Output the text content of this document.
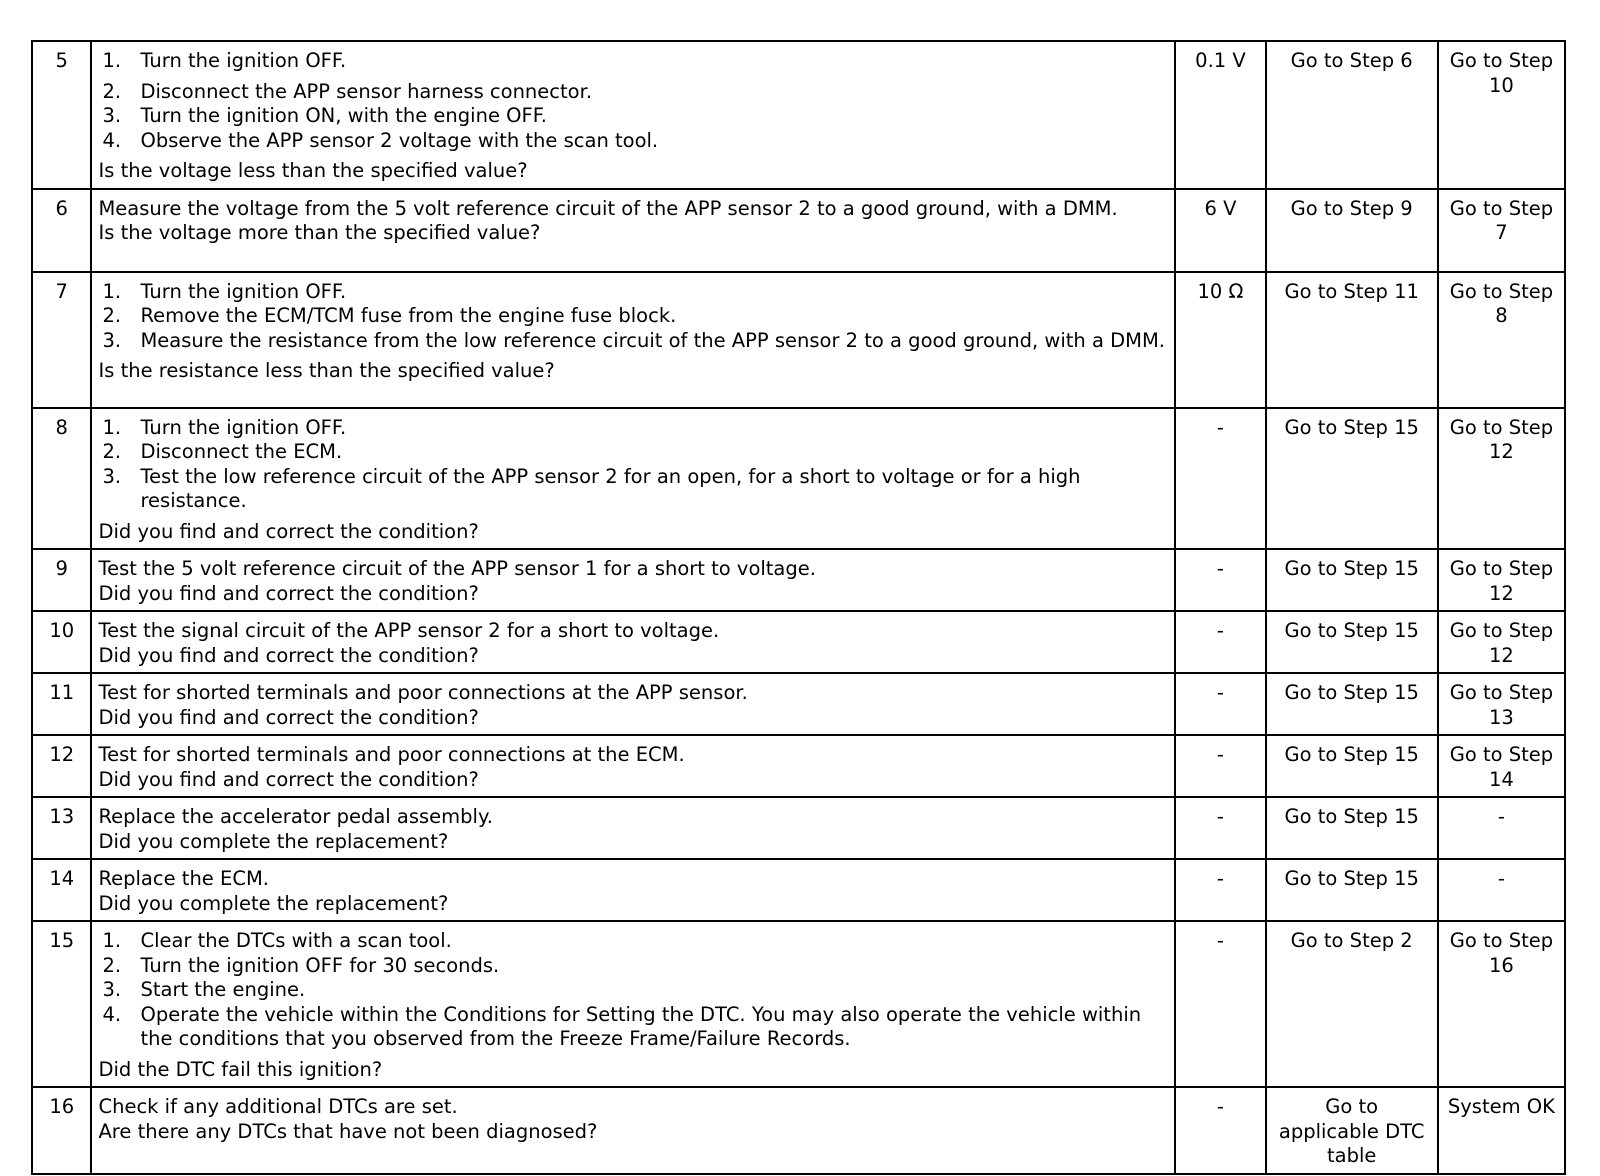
5	1. Turn the ignition OFF.
2. Disconnect the APP sensor harness connector.
3. Turn the ignition ON, with the engine OFF.
4. Observe the APP sensor 2 voltage with the scan tool.
Is the voltage less than the specified value?	0.1 V	Go to Step 6	Go to Step 10
6	Measure the voltage from the 5 volt reference circuit of the APP sensor 2 to a good ground, with a DMM.
Is the voltage more than the specified value?	6 V	Go to Step 9	Go to Step 7
7	1. Turn the ignition OFF.
2. Remove the ECM/TCM fuse from the engine fuse block.
3. Measure the resistance from the low reference circuit of the APP sensor 2 to a good ground, with a DMM.
Is the resistance less than the specified value?	10 Ω	Go to Step 11	Go to Step 8
8	1. Turn the ignition OFF.
2. Disconnect the ECM.
3. Test the low reference circuit of the APP sensor 2 for an open, for a short to voltage or for a high resistance.
Did you find and correct the condition?	-	Go to Step 15	Go to Step 12
9	Test the 5 volt reference circuit of the APP sensor 1 for a short to voltage.
Did you find and correct the condition?	-	Go to Step 15	Go to Step 12
10	Test the signal circuit of the APP sensor 2 for a short to voltage.
Did you find and correct the condition?	-	Go to Step 15	Go to Step 12
11	Test for shorted terminals and poor connections at the APP sensor.
Did you find and correct the condition?	-	Go to Step 15	Go to Step 13
12	Test for shorted terminals and poor connections at the ECM.
Did you find and correct the condition?	-	Go to Step 15	Go to Step 14
13	Replace the accelerator pedal assembly.
Did you complete the replacement?	-	Go to Step 15	-
14	Replace the ECM.
Did you complete the replacement?	-	Go to Step 15	-
15	1. Clear the DTCs with a scan tool.
2. Turn the ignition OFF for 30 seconds.
3. Start the engine.
4. Operate the vehicle within the Conditions for Setting the DTC. You may also operate the vehicle within the conditions that you observed from the Freeze Frame/Failure Records.
Did the DTC fail this ignition?	-	Go to Step 2	Go to Step 16
16	Check if any additional DTCs are set.
Are there any DTCs that have not been diagnosed?	-	Go to applicable DTC table	System OK
